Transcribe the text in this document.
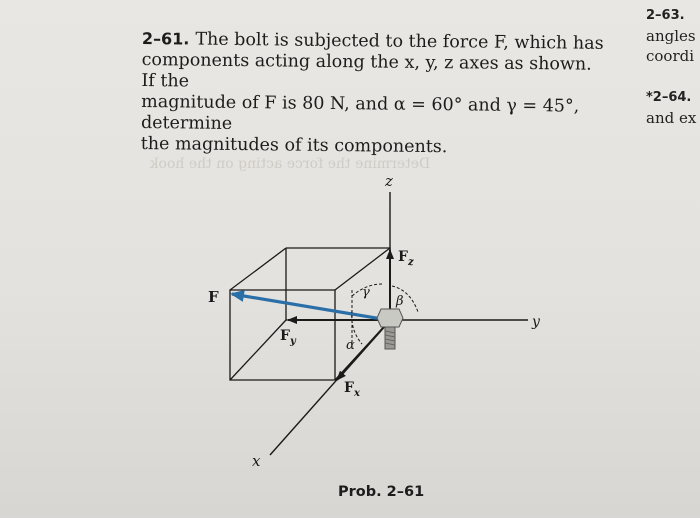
Determine the force acting on the hook
2–61. The bolt is subjected to the force F, which has
components acting along the x, y, z axes as shown. If the
magnitude of F is 80 N, and α = 60° and γ = 45°, determine
the magnitudes of its components.
2–63.
angles
coordi
*2–64.
and ex
z
y
x
F
$F_z$
$F_y$
$F_x$
α
β
γ
Prob. 2–61
